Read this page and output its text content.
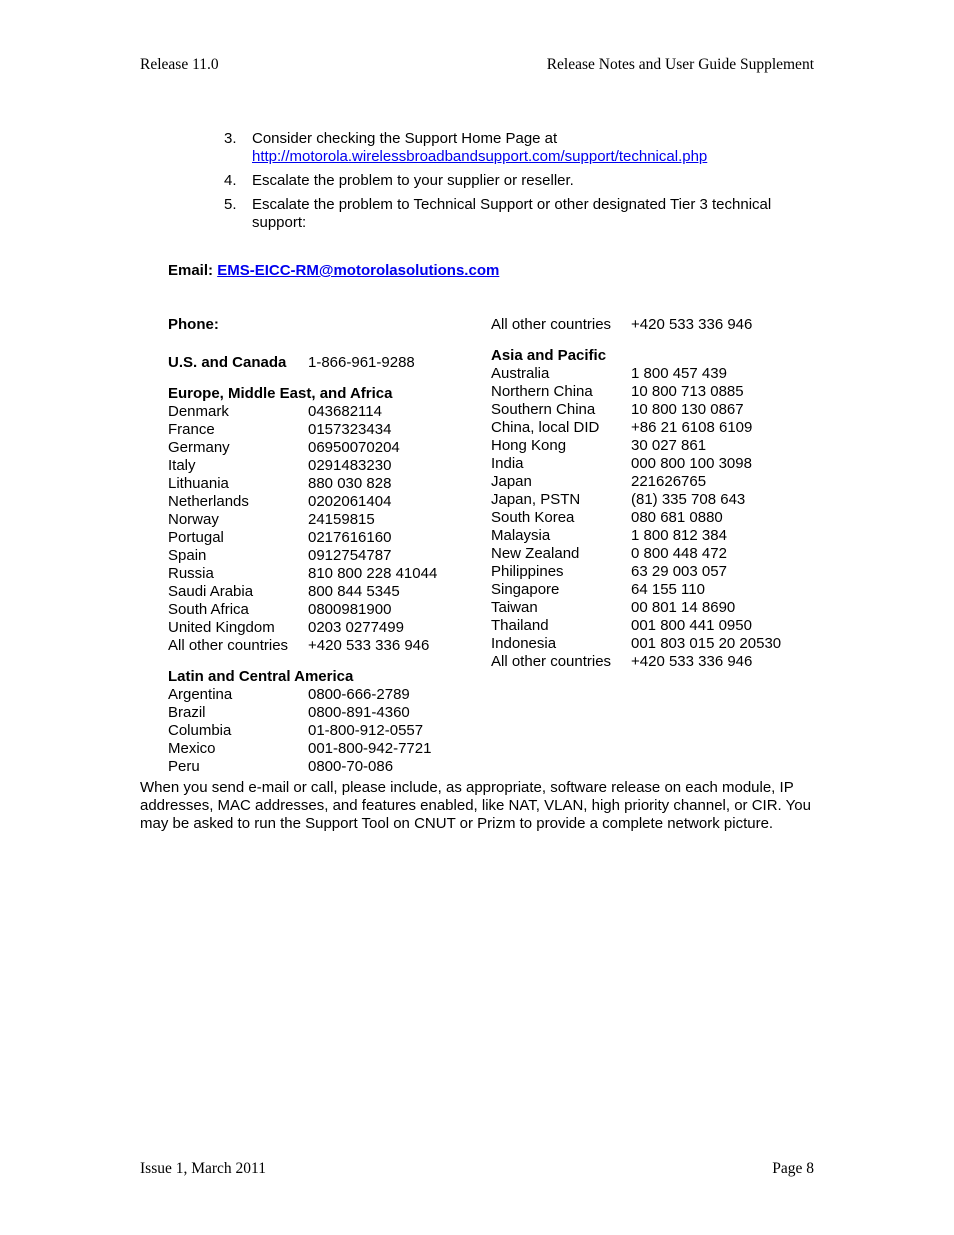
Release 11.0	Release Notes and User Guide Supplement
3.	Consider checking the Support Home Page at
http://motorola.wirelessbroadbandsupport.com/support/technical.php
4.	Escalate the problem to your supplier or reseller.
5.	Escalate the problem to Technical Support or other designated Tier 3 technical support:
Email: EMS-EICC-RM@motorolasolutions.com
Phone:
U.S. and Canada	1-866-961-9288
Europe, Middle East, and Africa
Denmark	043682114
France	0157323434
Germany	06950070204
Italy	0291483230
Lithuania	880 030 828
Netherlands	0202061404
Norway	24159815
Portugal	0217616160
Spain	0912754787
Russia	810 800 228 41044
Saudi Arabia	800 844 5345
South Africa	0800981900
United Kingdom	0203 0277499
All other countries	+420 533 336 946
Latin and Central America
Argentina	0800-666-2789
Brazil	0800-891-4360
Columbia	01-800-912-0557
Mexico	001-800-942-7721
Peru	0800-70-086
All other countries	+420 533 336 946
Asia and Pacific
Australia	1 800 457 439
Northern China	10 800 713 0885
Southern China	10 800 130 0867
China, local DID	+86 21 6108 6109
Hong Kong	30 027 861
India	000 800 100 3098
Japan	221626765
Japan, PSTN	(81) 335 708 643
South Korea	080 681 0880
Malaysia	1 800 812 384
New Zealand	0 800 448 472
Philippines	63 29 003 057
Singapore	64 155 110
Taiwan	00 801 14 8690
Thailand	001 800 441 0950
Indonesia	001 803 015 20 20530
All other countries	+420 533 336 946
When you send e-mail or call, please include, as appropriate, software release on each module, IP addresses, MAC addresses, and features enabled, like NAT, VLAN, high priority channel, or CIR. You may be asked to run the Support Tool on CNUT or Prizm to provide a complete network picture.
Issue 1, March 2011	Page 8
